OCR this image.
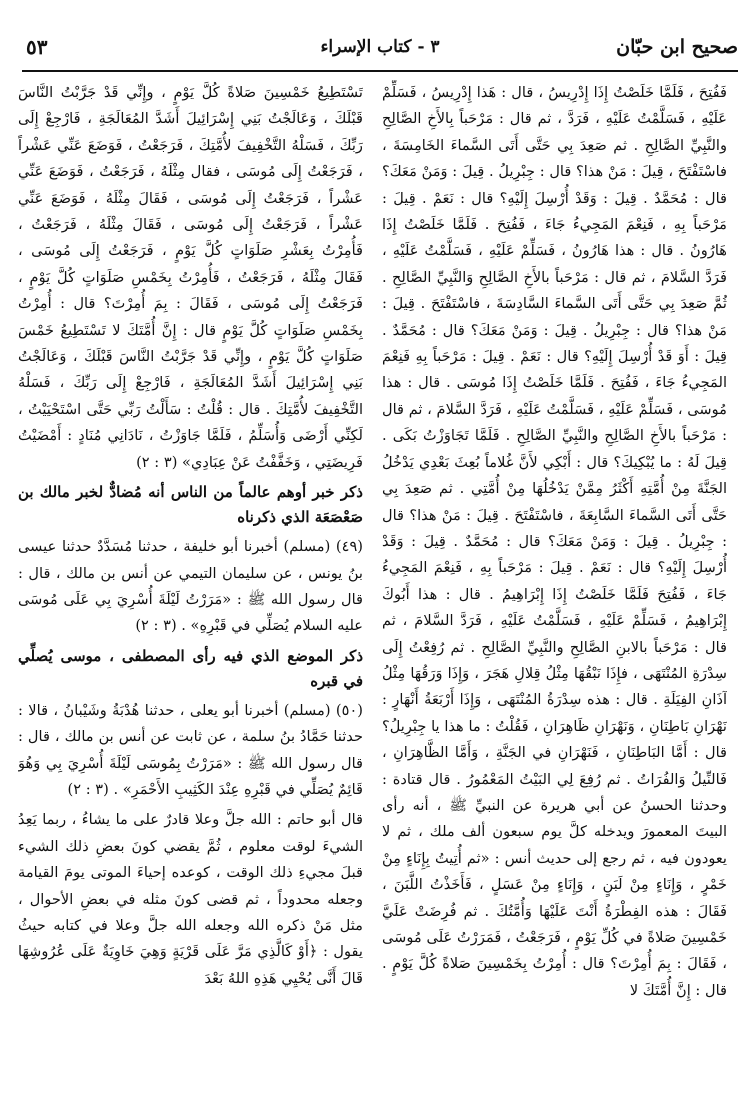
صحيح ابن حبّان
٣ - كتاب الإسراء
٥٣

فَفُتِحَ ، فَلَمَّا خَلَصْتُ إِذَا إِدْرِيسُ ، قال : هَذا إِدْرِيسُ ، فَسَلِّمْ عَلَيْهِ ، فَسَلَّمْتُ عَلَيْهِ ، فَرَدَّ ، ثم قال : مَرْحَباً بِالأَخِ الصَّالِحِ والنَّبِيِّ الصَّالِحِ . ثم صَعِدَ بِي حَتَّى أَتَى السَّماءَ الخَامِسَةَ ، فاسْتَفْتَحَ ، قِيلَ : مَنْ هذا؟ قال : جِبْرِيلُ . قِيلَ : وَمَنْ مَعَكَ؟ قال : مُحَمَّدٌ . قِيلَ : وَقَدْ أُرْسِلَ إِلَيْهِ؟ قال : نَعَمْ . قِيلَ : مَرْحَباً بِهِ ، فَنِعْمَ المَجِيءُ جَاءَ ، فَفُتِحَ . فَلَمَّا خَلَصْتُ إِذَا هَارُونُ . قال : هذا هَارُونُ ، فَسَلِّمْ عَلَيْهِ ، فَسَلَّمْتُ عَلَيْهِ ، فَرَدَّ السَّلامَ ، ثم قال : مَرْحَباً بالأَخِ الصَّالِحِ وَالنَّبِيِّ الصَّالِحِ . ثُمَّ صَعِدَ بِي حَتَّى أَتَى السَّماءَ السَّادِسَةَ ، فاسْتَفْتَحَ . قِيلَ : مَنْ هذا؟ قال : جِبْرِيلُ . قِيلَ : وَمَنْ مَعَكَ؟ قال : مُحَمَّدٌ . قِيلَ : أَوَ قَدْ أُرْسِلَ إِلَيْهِ؟ قال : نَعَمْ . قِيلَ : مَرْحَباً بِهِ فَنِعْمَ المَجِيءُ جَاءَ ، فَفُتِحَ . فَلَمَّا خَلَصْتُ إِذَا مُوسَى . قال : هذا مُوسَى ، فَسَلِّمْ عَلَيْهِ ، فَسَلَّمْتُ عَلَيْهِ ، فَرَدَّ السَّلامَ ، ثم قال : مَرْحَباً بالأَخِ الصَّالِحِ والنَّبِيِّ الصَّالِحِ . فَلَمَّا تَجَاوَزْتُ بَكَى . قِيلَ لَهُ : ما يُبْكِيكَ؟ قال : أَبْكِي لأَنَّ غُلاماً بُعِثَ بَعْدِي يَدْخُلُ الجَنَّةَ مِنْ أُمَّتِهِ أَكْثَرُ مِمَّنْ يَدْخُلُهَا مِنْ أُمَّتِي . ثم صَعِدَ بِي حَتَّى أَتَى السَّماءَ السَّابِعَةَ ، فاسْتَفْتَحَ . قِيلَ : مَنْ هذا؟ قال : جِبْرِيلُ . قِيلَ : وَمَنْ مَعَكَ؟ قال : مُحَمَّدٌ . قِيلَ : وَقَدْ أُرْسِلَ إِلَيْهِ؟ قال : نَعَمْ . قِيلَ : مَرْحَباً بِهِ ، فَنِعْمَ المَجِيءُ جَاءَ ، فَفُتِحَ فَلَمَّا خَلَصْتُ إِذَا إِبْرَاهِيمُ . قال : هذا أَبُوكَ إِبْرَاهِيمُ ، فَسَلِّمْ عَلَيْهِ ، فَسَلَّمْتُ عَلَيْهِ ، فَرَدَّ السَّلامَ ، ثم قال : مَرْحَباً بالابنِ الصَّالِحِ والنَّبِيِّ الصَّالِحِ . ثم رُفِعْتُ إِلَى سِدْرَةِ المُنْتَهَى ، فإِذَا نَبْقُهَا مِثْلُ قِلالِ هَجَرَ ، وَإِذَا وَرَقُهَا مِثْلُ آذَانِ الفِيَلَةِ . قال : هذه سِدْرَةُ المُنْتَهَى ، وَإِذَا أَرْبَعَةُ أَنْهَارٍ : نَهْرَانِ بَاطِنَانِ ، وَنَهْرَانِ ظَاهِرَانِ ، فَقُلْتُ : ما هذا يا جِبْرِيلُ؟ قال : أَمَّا البَاطِنَانِ ، فَنَهْرَانِ في الجَنَّةِ ، وَأَمَّا الظَّاهِرَانِ ، فَالنِّيلُ وَالفُرَاتُ . ثم رُفِعَ لِي البَيْتُ المَعْمُورُ . قال قتادة : وحدثنا الحسنُ عن أبي هريرة عن النبيِّ ﷺ ، أنه رأى البيتَ المعمورَ ويدخله كلَّ يوم سبعون ألف ملك ، ثم لا يعودون فيه ، ثم رجع إلى حديث أنس : «ثم أُتِيتُ بِإِنَاءٍ مِنْ خَمْرٍ ، وَإِنَاءٍ مِنْ لَبَنٍ ، وَإِنَاءٍ مِنْ عَسَلٍ ، فَأَخَذْتُ اللَّبَنَ ، فَقَالَ : هذه الفِطْرَةُ أَنْتَ عَلَيْهَا وَأُمَّتُكَ . ثم فُرِضَتْ عَلَيَّ خَمْسِينَ صَلاةً في كُلِّ يَوْمٍ ، فَرَجَعْتُ ، فَمَرَرْتُ عَلَى مُوسَى ، فَقَالَ : بِمَ أُمِرْتَ؟ قال : أُمِرْتُ بِخَمْسِينَ صَلاةً كُلَّ يَوْمٍ . قال : إِنَّ أُمَّتَكَ لا

تَسْتَطِيعُ خَمْسِينَ صَلاةً كُلَّ يَوْمٍ ، وإِنِّي قَدْ جَرَّبْتُ النَّاسَ قَبْلَكَ ، وَعَالَجْتُ بَنِي إِسْرَائِيلَ أَشَدَّ المُعَالَجَةِ ، فَارْجِعْ إِلَى رَبِّكَ ، فَسَلْهُ التَّخْفِيفَ لأُمَّتِكَ ، فَرَجَعْتُ ، فَوَضَعَ عَنِّي عَشْراً ، فَرَجَعْتُ إِلَى مُوسَى ، فقال مِثْلَهُ ، فَرَجَعْتُ ، فَوَضَعَ عَنِّي عَشْراً ، فَرَجَعْتُ إِلَى مُوسَى ، فَقَالَ مِثْلَهُ ، فَوَضَعَ عَنِّي عَشْراً ، فَرَجَعْتُ إِلَى مُوسَى ، فَقَالَ مِثْلَهُ ، فَرَجَعْتُ ، فَأُمِرْتُ بِعَشْرِ صَلَوَاتٍ كُلَّ يَوْمٍ ، فَرَجَعْتُ إِلَى مُوسَى ، فَقَالَ مِثْلَهُ ، فَرَجَعْتُ ، فَأُمِرْتُ بِخَمْسِ صَلَوَاتٍ كُلَّ يَوْمٍ ، فَرَجَعْتُ إِلَى مُوسَى ، فَقَالَ : بِمَ أُمِرْتَ؟ قال : أُمِرْتُ بِخَمْسِ صَلَوَاتٍ كُلَّ يَوْمٍ قال : إِنَّ أُمَّتَكَ لا تَسْتَطِيعُ خَمْسَ صَلَوَاتٍ كُلَّ يَوْمٍ ، وإِنِّي قَدْ جَرَّبْتُ النَّاسَ قَبْلَكَ ، وَعَالَجْتُ بَنِي إِسْرَائِيلَ أَشَدَّ المُعَالَجَةِ ، فَارْجِعْ إِلَى رَبِّكَ ، فَسَلْهُ التَّخْفِيفَ لأُمَّتِكَ . قال : قُلْتُ : سَأَلْتُ رَبِّي حَتَّى اسْتَحْيَيْتُ ، لَكِنِّي أَرْضَى وَأُسَلِّمُ ، فَلَمَّا جَاوَزْتُ ، نَادَانِي مُنَادٍ : أَمْضَيْتُ فَرِيضَتِي ، وَخَفَّفْتُ عَنْ عِبَادِي» (٣ : ٢)

ذكر خبر أوهم عالماً من الناس أنه مُضادٌّ لخبر مالك بن صَعْصَعَة الذي ذكرناه

(٤٩) (مسلم) أخبرنا أبو خليفة ، حدثنا مُسَدَّدٌ حدثنا عيسى بنُ يونس ، عن سليمان التيمي عن أنس بن مالك ، قال : قال رسول الله ﷺ : «مَرَرْتُ لَيْلَةَ أُسْرِيَ بِي عَلَى مُوسَى عليه السلام يُصَلِّي في قَبْرِهِ» . (٣ : ٢)

ذكر الموضع الذي فيه رأى المصطفى ، موسى يُصلِّي في قبره

(٥٠) (مسلم) أخبرنا أبو يعلى ، حدثنا هُدْبَةُ وشَيْبانُ ، قالا : حدثنا حَمَّادُ بنُ سلمة ، عن ثابت عن أنس بن مالك ، قال : قال رسول الله ﷺ : «مَرَرْتُ بِمُوسَى لَيْلَةَ أُسْرِيَ بِي وَهُوَ قَائِمٌ يُصَلِّي في قَبْرِهِ عِنْدَ الكَثِيبِ الأَحْمَرِ» . (٣ : ٢)

قال أبو حاتم : الله جلَّ وعلا قادرٌ على ما يشاءُ ، ربما يَعِدُ الشيءَ لوقت معلوم ، ثُمَّ يقضي كونَ بعضِ ذلك الشيء قبلَ مجيءِ ذلك الوقت ، كوعده إحياءَ الموتى يومَ القيامة وجعله محدوداً ، ثم قضى كونَ مثله في بعضِ الأحوال ، مثل مَنْ ذكره الله وجعله الله جلَّ وعلا في كتابه حيثُ يقول : ﴿أَوْ كَالَّذِي مَرَّ عَلَى قَرْيَةٍ وَهِيَ خَاوِيَةٌ عَلَى عُرُوشِهَا قَالَ أَنَّى يُحْيِي هَذِهِ اللهُ بَعْدَ
